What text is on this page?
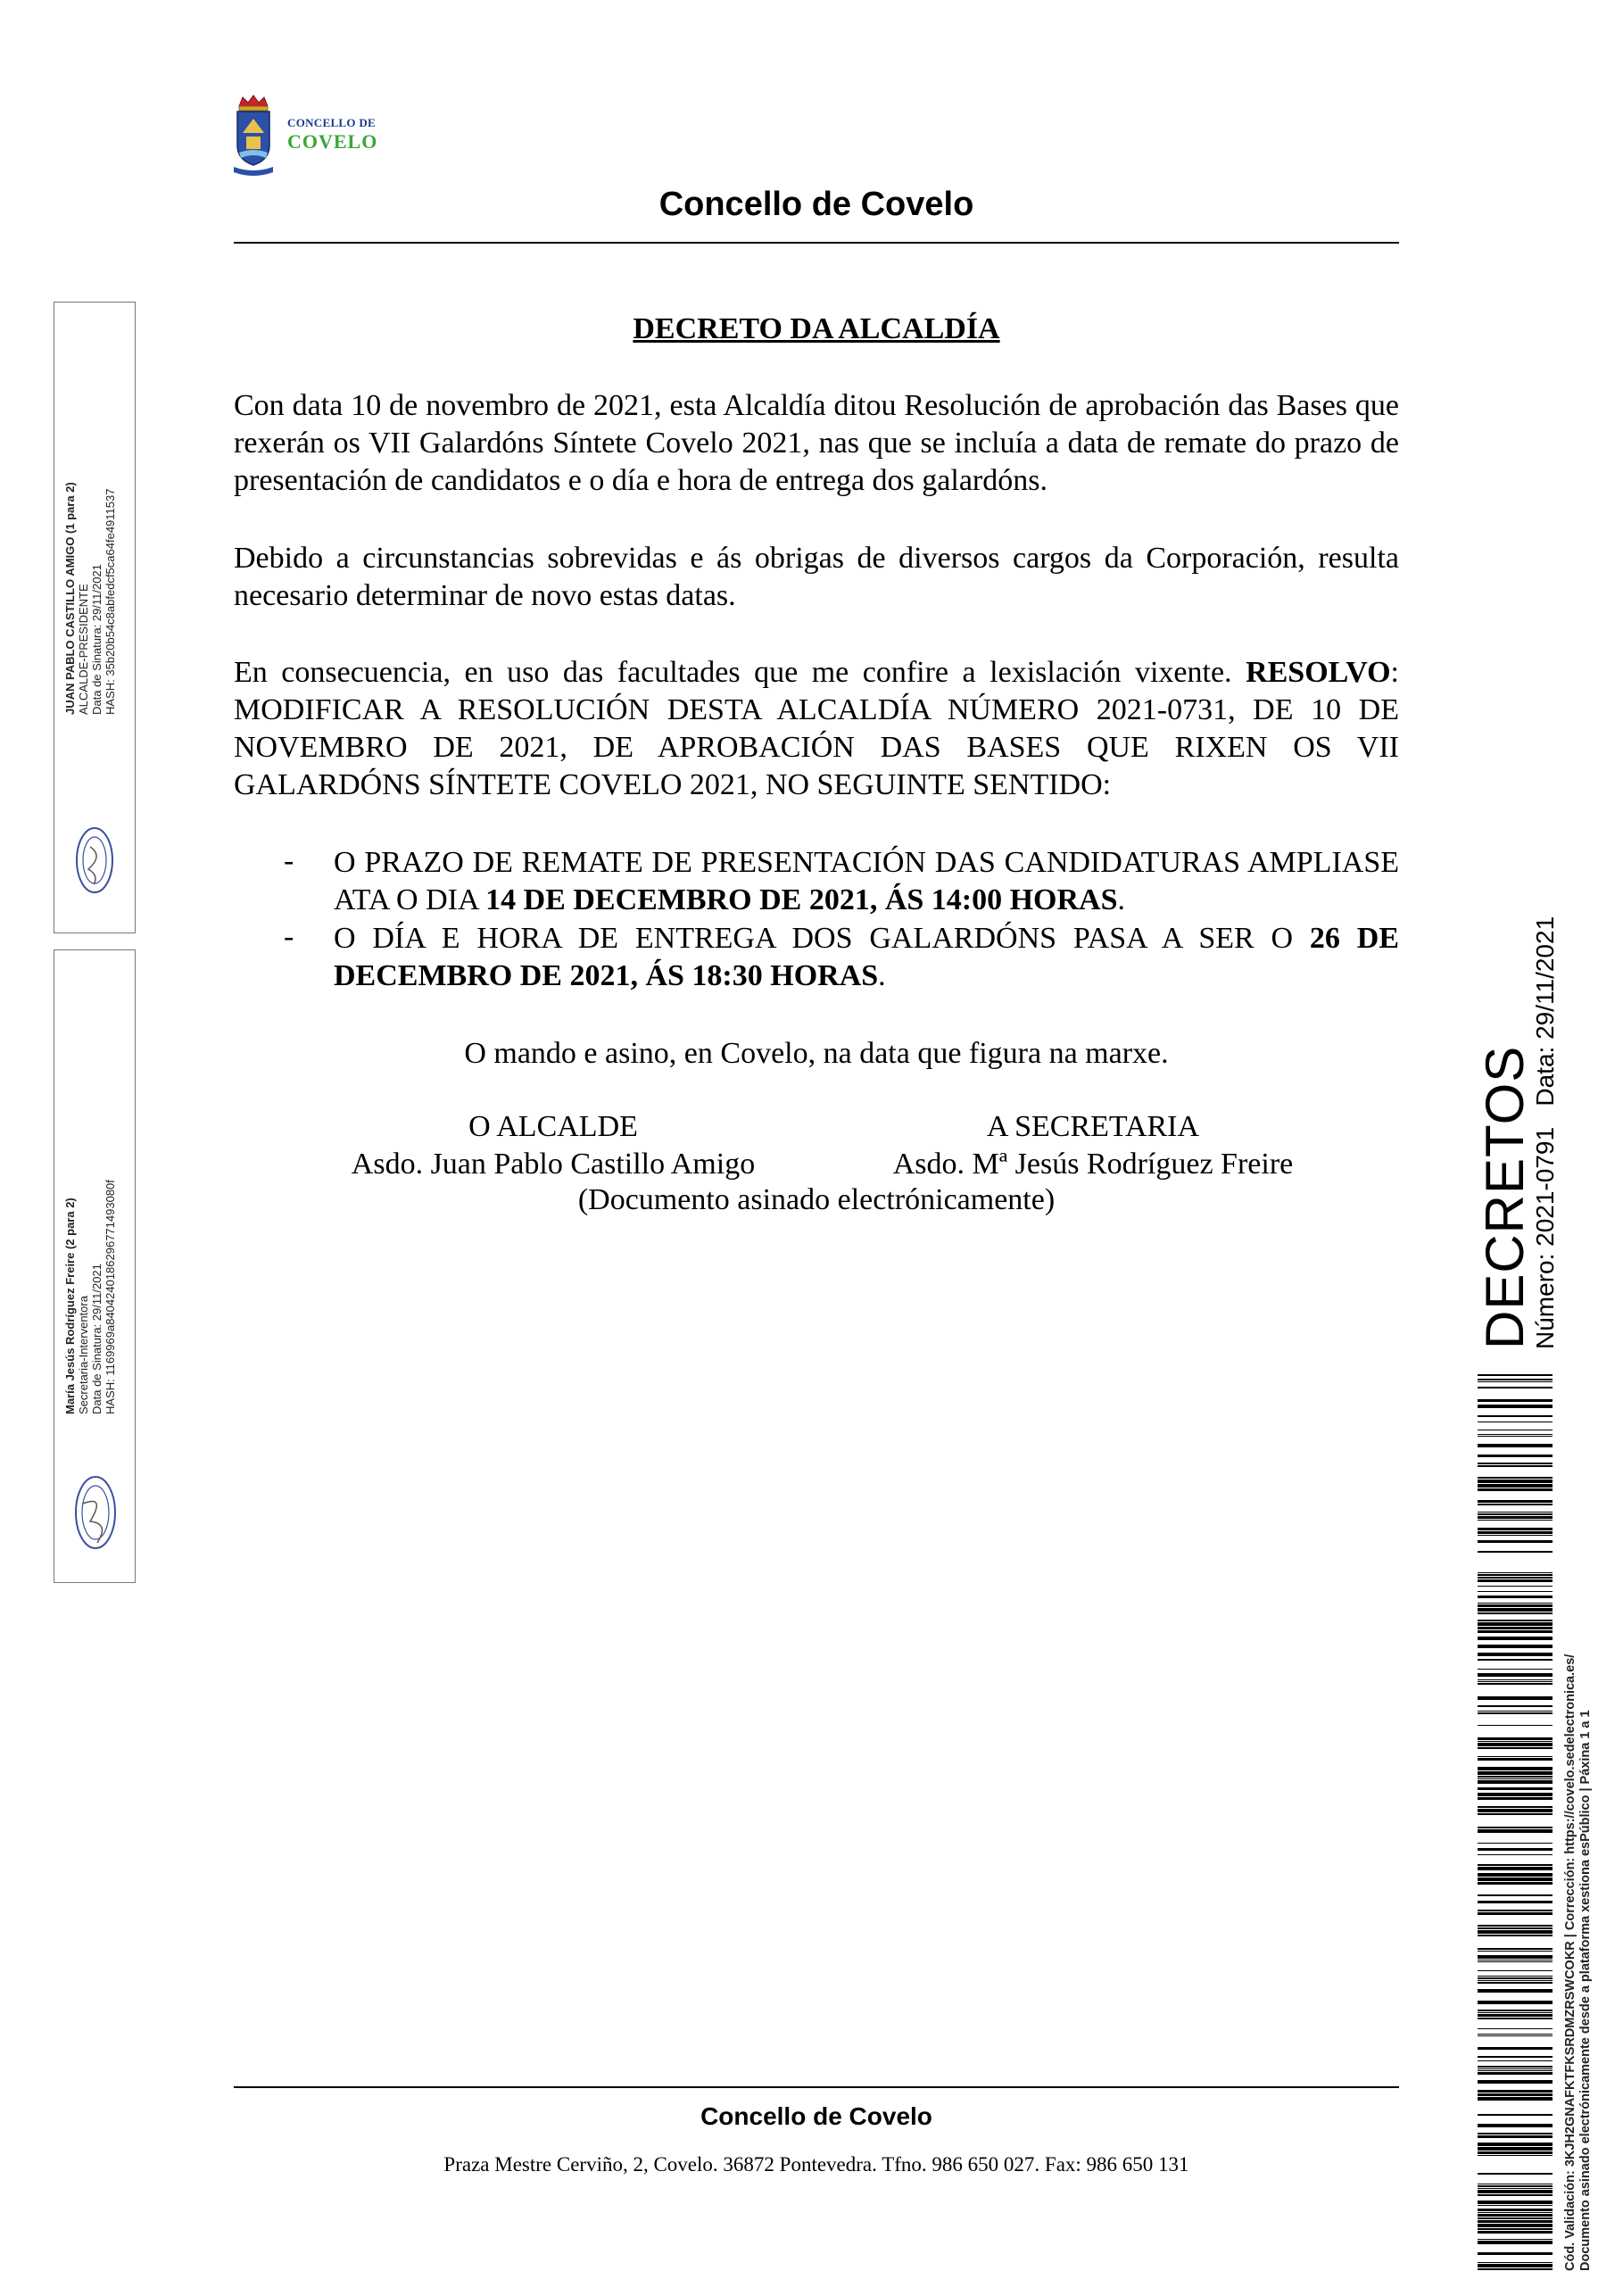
CONCELLO DE
COVELO
Concello de Covelo
DECRETO DA ALCALDÍA
Con data 10 de novembro de 2021, esta Alcaldía ditou Resolución de aprobación das Bases que rexerán os VII Galardóns Síntete Covelo 2021, nas que se incluía a data de remate do prazo de presentación de candidatos e o día e hora de entrega dos galardóns.
Debido a circunstancias sobrevidas e ás obrigas de diversos cargos da Corporación, resulta necesario determinar de novo estas datas.
En consecuencia, en uso das facultades que me confire a lexislación vixente. RESOLVO: MODIFICAR A RESOLUCIÓN DESTA ALCALDÍA NÚMERO 2021-0731, DE 10 DE NOVEMBRO DE 2021, DE APROBACIÓN DAS BASES QUE RIXEN OS VII GALARDÓNS SÍNTETE COVELO 2021, NO SEGUINTE SENTIDO:
- O PRAZO DE REMATE DE PRESENTACIÓN DAS CANDIDATURAS AMPLIASE ATA O DIA 14 DE DECEMBRO DE 2021, ÁS 14:00 HORAS.
- O DÍA E HORA DE ENTREGA DOS GALARDÓNS PASA A SER O 26 DE DECEMBRO DE 2021, ÁS 18:30 HORAS.
O mando e asino, en Covelo, na data que figura na marxe.
O ALCALDE
Asdo. Juan Pablo Castillo Amigo
A SECRETARIA
Asdo. Mª Jesús Rodríguez Freire
(Documento asinado electrónicamente)
Concello de Covelo
Praza Mestre Cerviño, 2, Covelo. 36872 Pontevedra. Tfno. 986 650 027. Fax: 986 650 131
JUAN PABLO CASTILLO AMIGO (1 para 2) ALCALDE-PRESIDENTE Data de Sinatura: 29/11/2021 HASH: 35b20b54c8abfedcf5ca64fe4911537
María Jesús Rodríguez Freire (2 para 2) Secretaria-Interventora Data de Sinatura: 29/11/2021 HASH: 1169969a8404240186296771493080f	DECRETOS
Número: 2021-0791   Data: 29/11/2021
Cód. Validación: 3KJH2GNAFKTFKSRDMZRSWCOKR | Corrección: https://covelo.sedelectronica.es/ Documento asinado electrónicamente desde a plataforma xestiona esPúblico | Páxina 1 a 1
